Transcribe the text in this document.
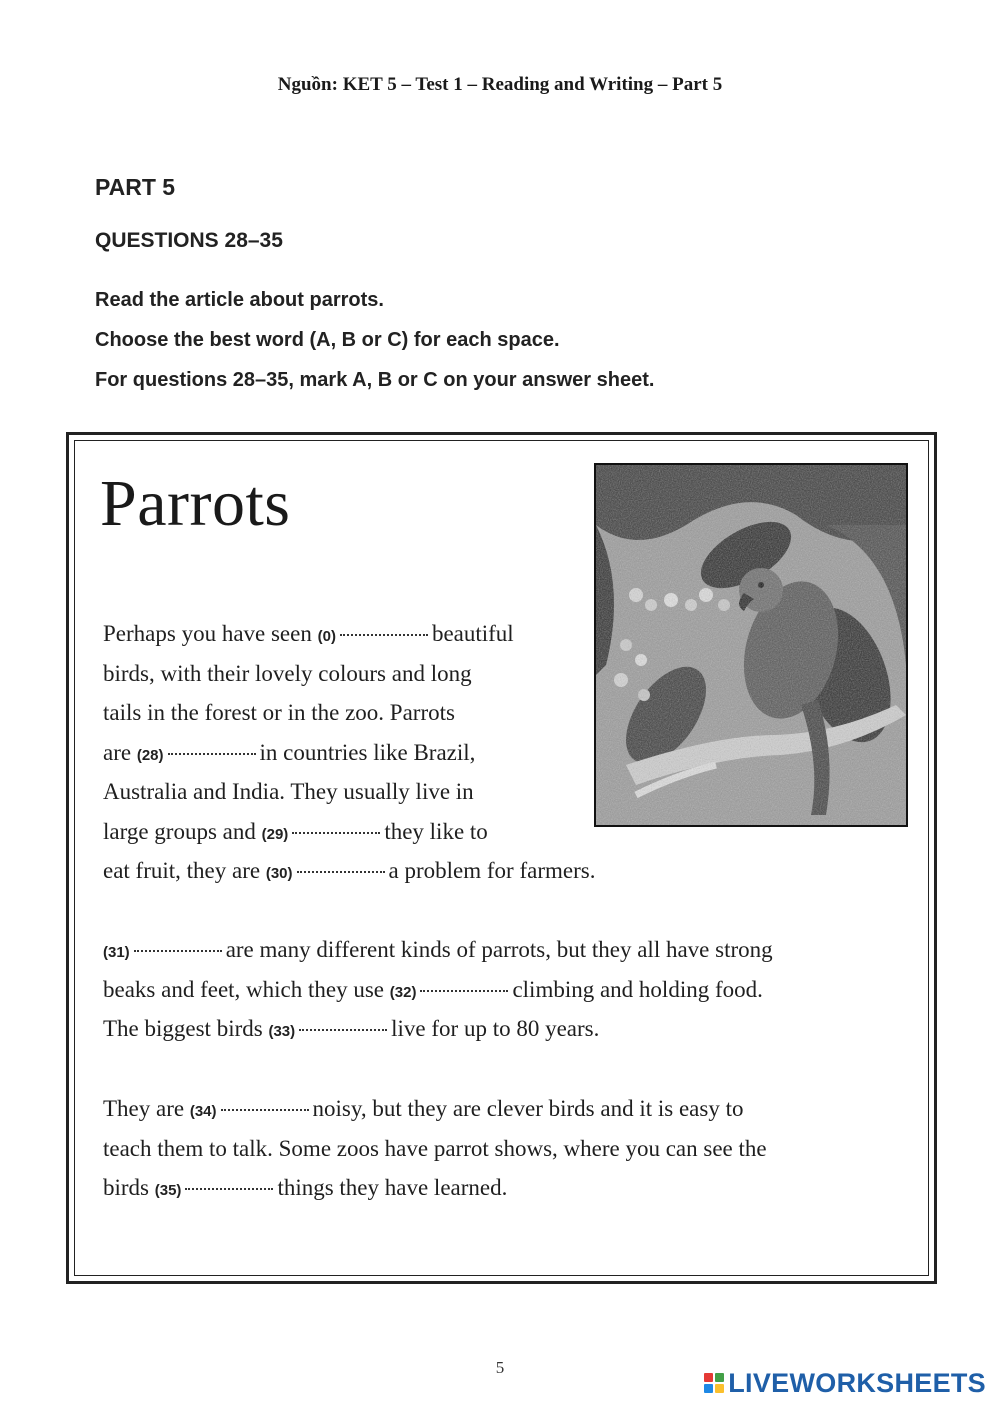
Nguồn: KET 5 – Test 1 – Reading and Writing – Part 5
PART 5
QUESTIONS 28–35
Read the article about parrots.
Choose the best word (A, B or C) for each space.
For questions 28–35, mark A, B or C on your answer sheet.
Parrots
Perhaps you have seen (0)	beautiful
birds, with their lovely colours and long
tails in the forest or in the zoo. Parrots
are (28)	in countries like Brazil,
Australia and India. They usually live in
large groups and (29)	they like to
eat fruit, they are (30)	a problem for farmers.
(31)	are many different kinds of parrots, but they all have strong
beaks and feet, which they use (32)	climbing and holding food.
The biggest birds (33)	live for up to 80 years.
They are (34)	noisy, but they are clever birds and it is easy to
teach them to talk. Some zoos have parrot shows, where you can see the
birds (35)	things they have learned.
5	LIVEWORKSHEETS
